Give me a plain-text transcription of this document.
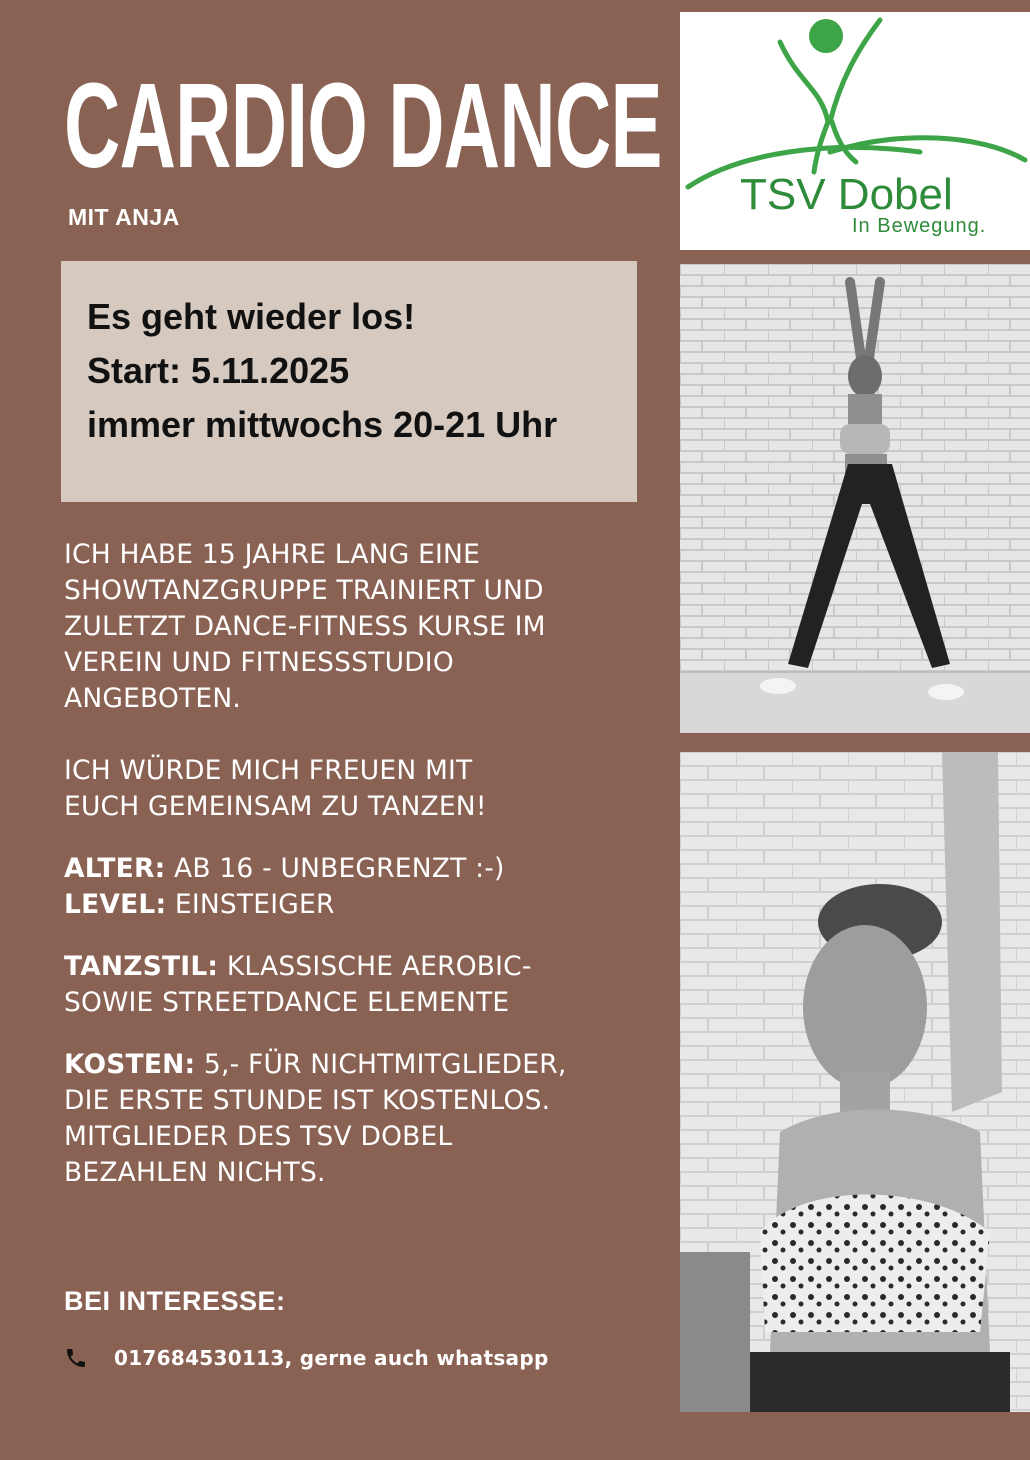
CARDIO DANCE
MIT ANJA
Es geht wieder los!
Start: 5.11.2025
immer mittwochs 20-21 Uhr

ICH HABE 15 JAHRE LANG EINE
SHOWTANZGRUPPE TRAINIERT UND
ZULETZT DANCE-FITNESS KURSE IM
VEREIN UND FITNESSSTUDIO
ANGEBOTEN.

ICH WÜRDE MICH FREUEN MIT
EUCH GEMEINSAM ZU TANZEN!

ALTER: AB 16 - UNBEGRENZT :-)

LEVEL: EINSTEIGER

TANZSTIL: KLASSISCHE AEROBIC-
SOWIE STREETDANCE ELEMENTE

KOSTEN: 5,- FÜR NICHTMITGLIEDER,
DIE ERSTE STUNDE IST KOSTENLOS.
MITGLIEDER DES TSV DOBEL
BEZAHLEN NICHTS.

BEI INTERESSE:
017684530113, gerne auch whatsapp
TSV Dobel
In Bewegung.
